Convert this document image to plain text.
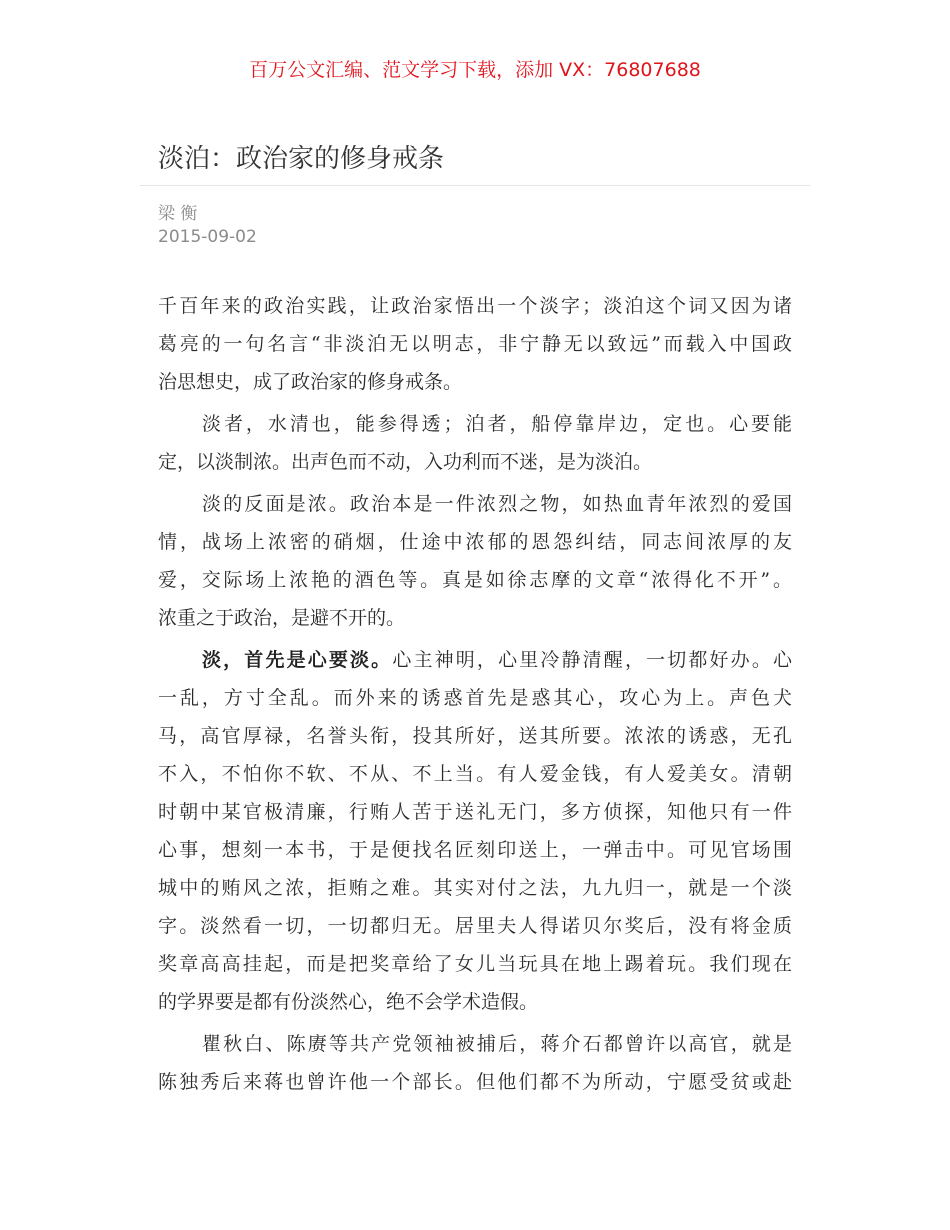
百万公文汇编、范文学习下载，添加 VX：76807688
淡泊：政治家的修身戒条
梁 衡
2015-09-02
千百年来的政治实践，让政治家悟出一个淡字；淡泊这个词又因为诸
葛亮的一句名言“非淡泊无以明志，非宁静无以致远”而载入中国政
治思想史，成了政治家的修身戒条。
淡者，水清也，能参得透；泊者，船停靠岸边，定也。心要能
定，以淡制浓。出声色而不动，入功利而不迷，是为淡泊。
淡的反面是浓。政治本是一件浓烈之物，如热血青年浓烈的爱国
情，战场上浓密的硝烟，仕途中浓郁的恩怨纠结，同志间浓厚的友
爱，交际场上浓艳的酒色等。真是如徐志摩的文章“浓得化不开”。
浓重之于政治，是避不开的。
淡，首先是心要淡。心主神明，心里冷静清醒，一切都好办。心
一乱，方寸全乱。而外来的诱惑首先是惑其心，攻心为上。声色犬
马，高官厚禄，名誉头衔，投其所好，送其所要。浓浓的诱惑，无孔
不入，不怕你不软、不从、不上当。有人爱金钱，有人爱美女。清朝
时朝中某官极清廉，行贿人苦于送礼无门，多方侦探，知他只有一件
心事，想刻一本书，于是便找名匠刻印送上，一弹击中。可见官场围
城中的贿风之浓，拒贿之难。其实对付之法，九九归一，就是一个淡
字。淡然看一切，一切都归无。居里夫人得诺贝尔奖后，没有将金质
奖章高高挂起，而是把奖章给了女儿当玩具在地上踢着玩。我们现在
的学界要是都有份淡然心，绝不会学术造假。
瞿秋白、陈赓等共产党领袖被捕后，蒋介石都曾许以高官，就是
陈独秀后来蒋也曾许他一个部长。但他们都不为所动，宁愿受贫或赴
